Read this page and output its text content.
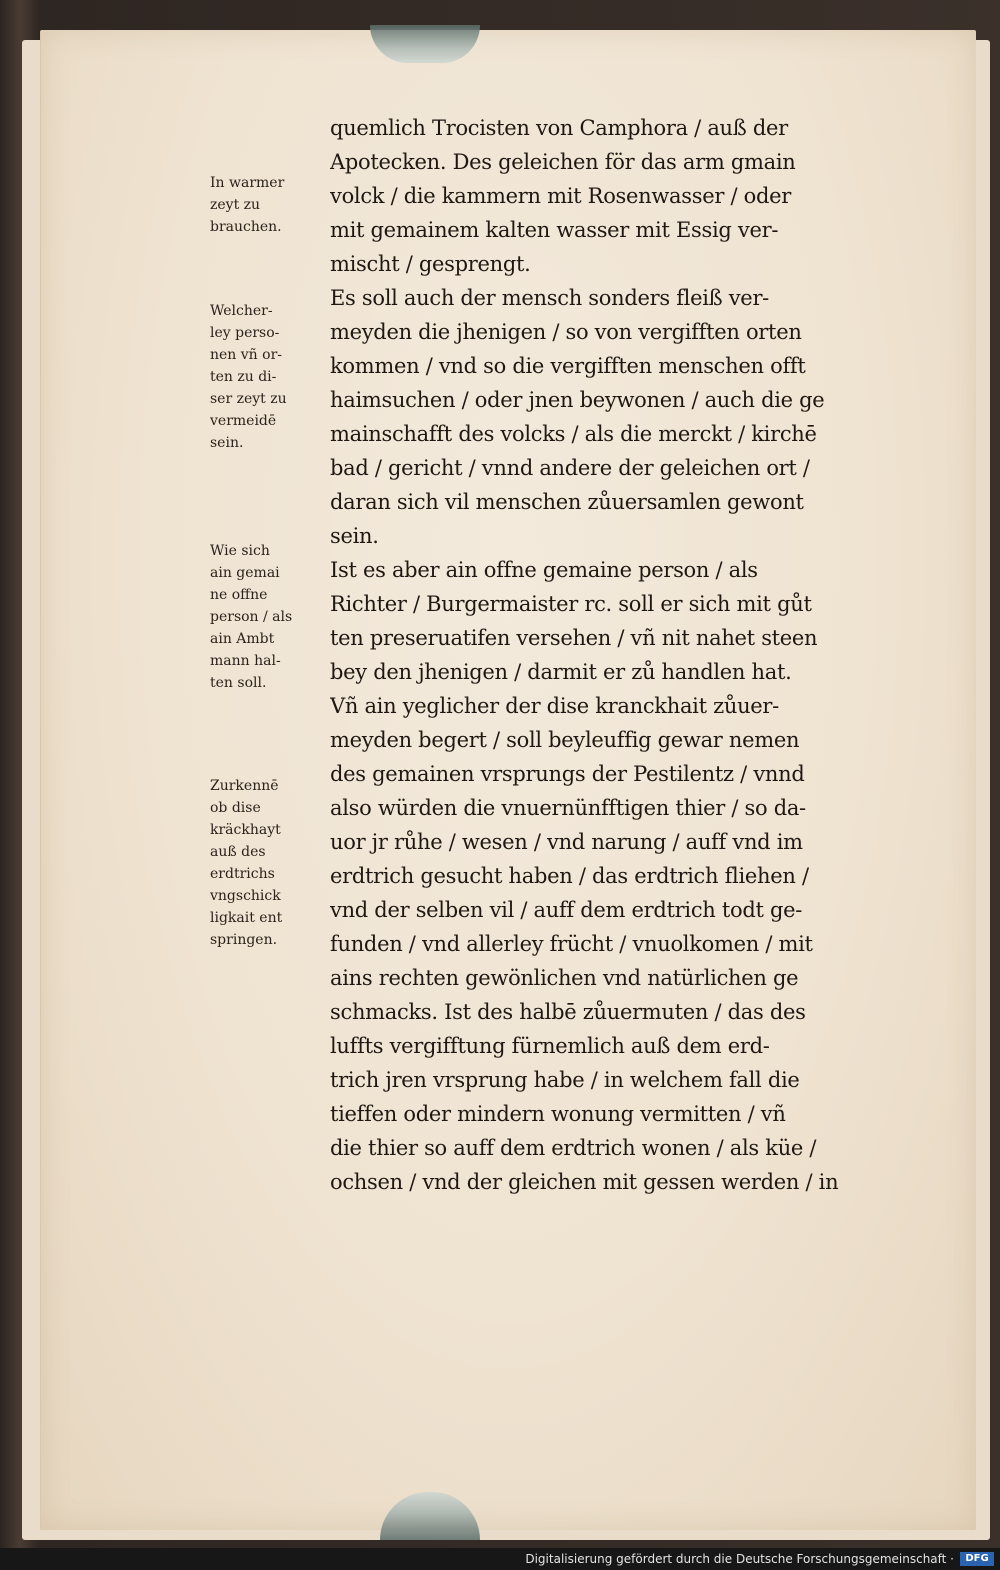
quemlich Trocisten von Camphora / auß der
Apotecken. Des geleichen för das arm gmain
volck / die kammern mit Rosenwasser / oder
mit gemainem kalten wasser mit Essig ver-
mischt / gesprengt.
Es soll auch der mensch sonders fleiß ver-
meyden die jhenigen / so von vergifften orten
kommen / vnd so die vergifften menschen offt
haimsuchen / oder jnen beywonen / auch die ge
mainschafft des volcks / als die merckt / kirchē
bad / gericht / vnnd andere der geleichen ort /
daran sich vil menschen zůuersamlen gewont
sein.
Ist es aber ain offne gemaine person / als
Richter / Burgermaister rc. soll er sich mit gůt
ten preseruatifen versehen / vñ nit nahet steen
bey den jhenigen / darmit er zů handlen hat.
Vñ ain yeglicher der dise kranckhait zůuer-
meyden begert / soll beyleuffig gewar nemen
des gemainen vrsprungs der Pestilentz / vnnd
also würden die vnuernünfftigen thier / so da-
uor jr růhe / wesen / vnd narung / auff vnd im
erdtrich gesucht haben / das erdtrich fliehen /
vnd der selben vil / auff dem erdtrich todt ge-
funden / vnd allerley frücht / vnuolkomen / mit
ains rechten gewönlichen vnd natürlichen ge
schmacks. Ist des halbē zůuermuten / das des
luffts vergifftung fürnemlich auß dem erd-
trich jren vrsprung habe / in welchem fall die
tieffen oder mindern wonung vermitten / vñ
die thier so auff dem erdtrich wonen / als küe /
ochsen / vnd der gleichen mit gessen werden / in
In warmer
zeyt zu
brauchen.
Welcher-
ley perso-
nen vñ or-
ten zu di-
ser zeyt zu
vermeidē
sein.
Wie sich
ain gemai
ne offne
person / als
ain Ambt
mann hal-
ten soll.
Zurkennē
ob dise
kräckhayt
auß des
erdtrichs
vngschick
ligkait ent
springen.
Digitalisierung gefördert durch die Deutsche Forschungsgemeinschaft ·	DFG
